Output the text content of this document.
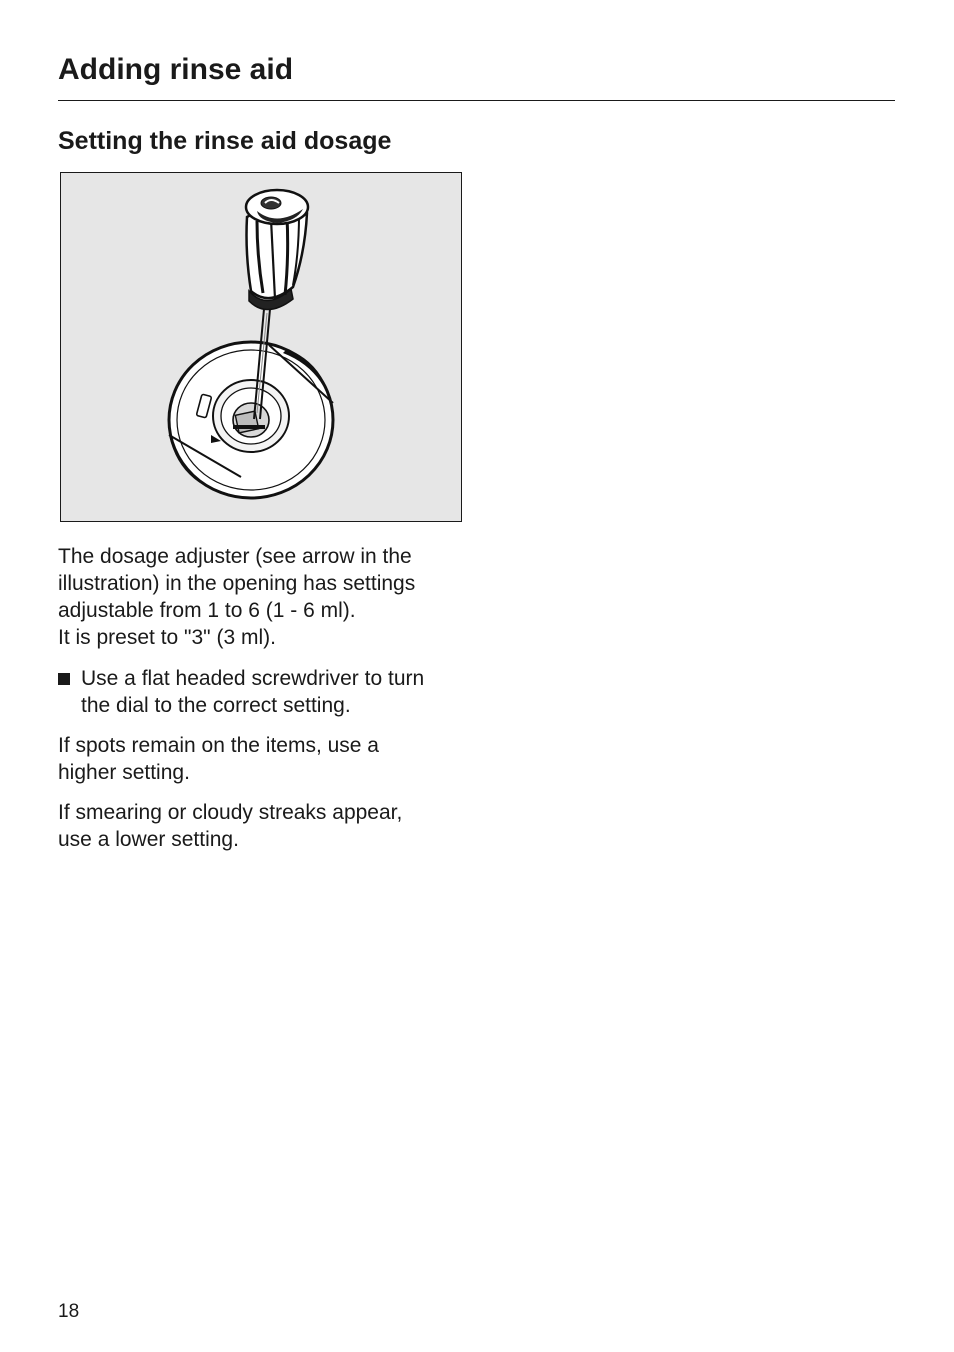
Adding rinse aid
Setting the rinse aid dosage

The dosage adjuster (see arrow in the
illustration) in the opening has settings
adjustable from 1 to 6 (1 - 6 ml).
It is preset to "3" (3 ml).

Use a flat headed screwdriver to turn
the dial to the correct setting.

If spots remain on the items, use a
higher setting.

If smearing or cloudy streaks appear,
use a lower setting.

18
